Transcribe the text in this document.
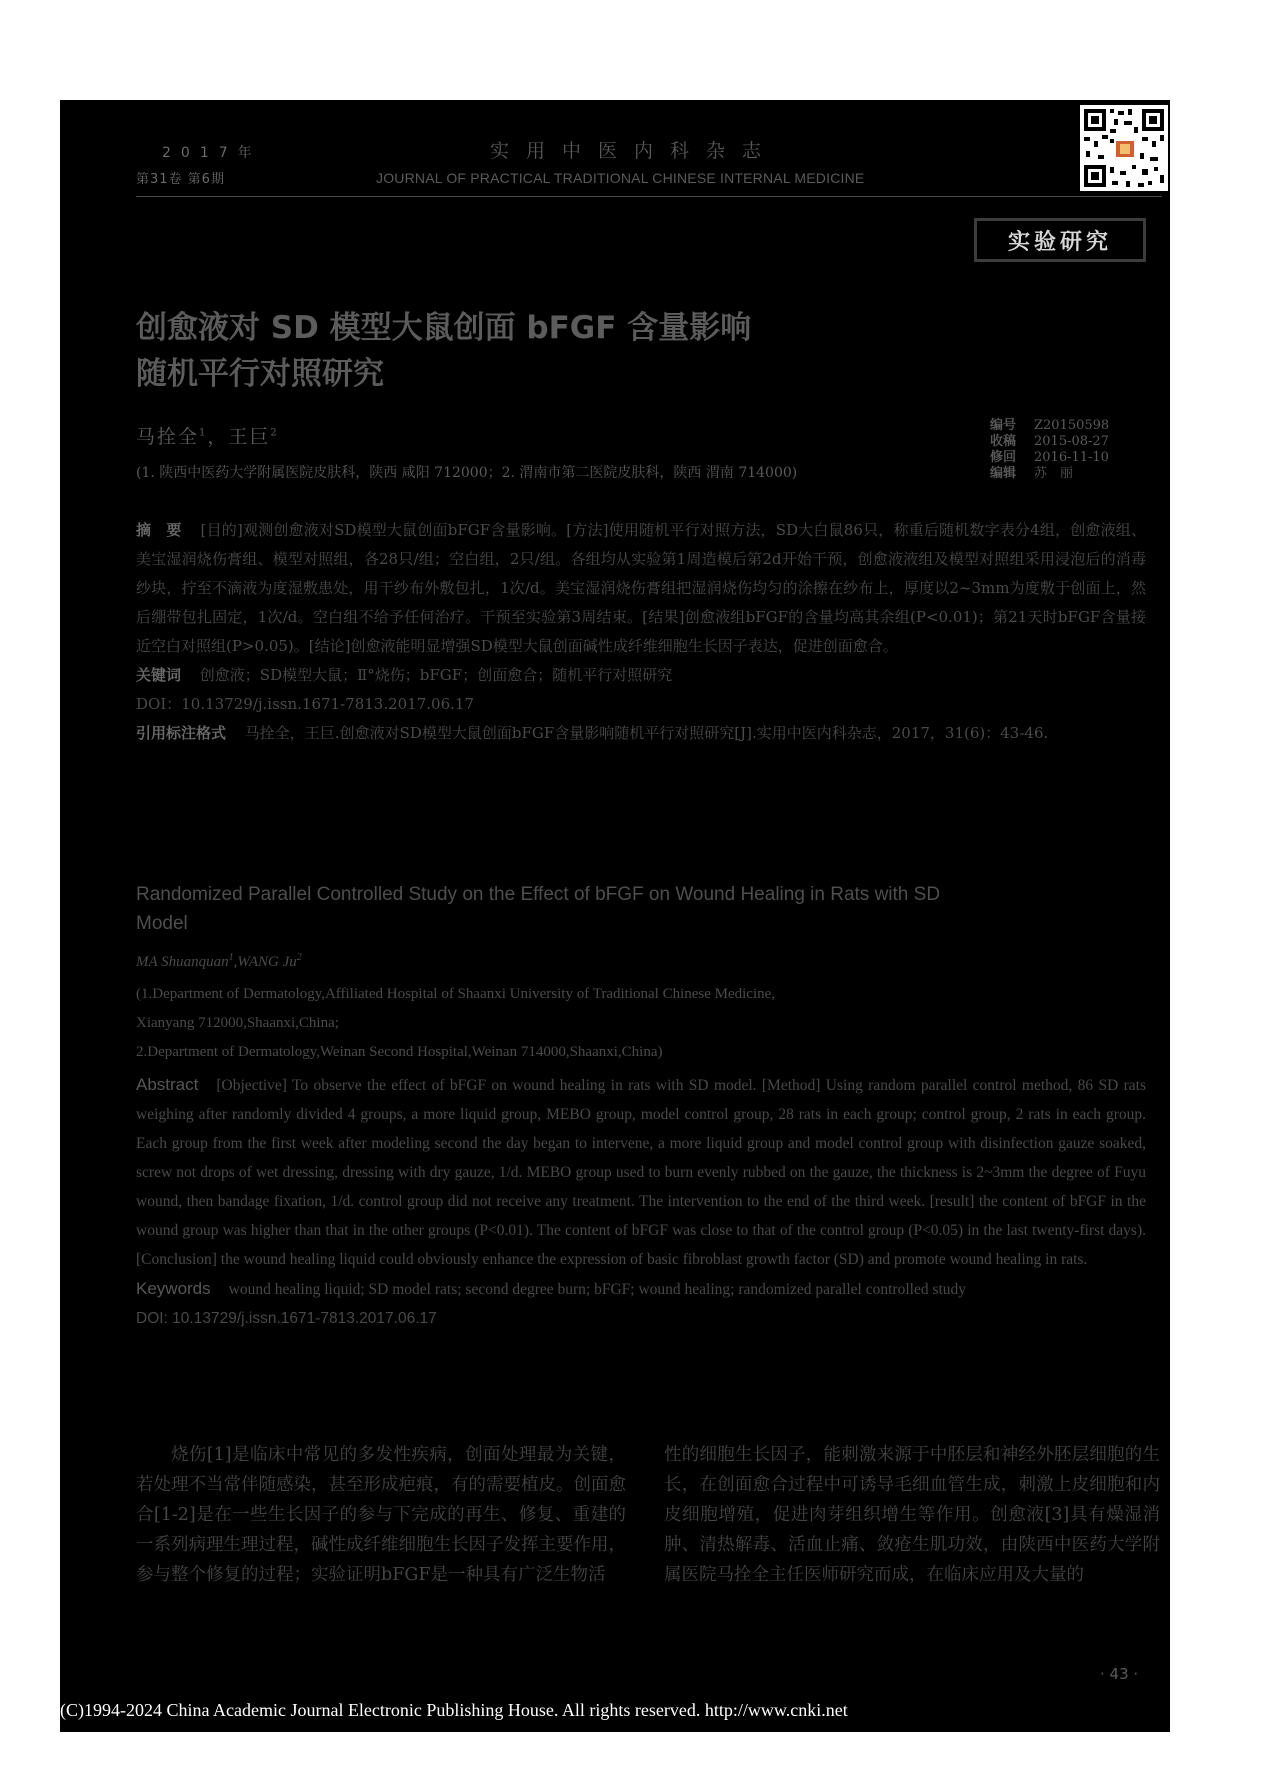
2017年
第31卷 第6期
实用中医内科杂志
JOURNAL OF PRACTICAL TRADITIONAL CHINESE INTERNAL MEDICINE
实验研究
创愈液对 SD 模型大鼠创面 bFGF 含量影响
随机平行对照研究
编号	Z20150598
收稿	2015-08-27
修回	2016-11-10
编辑	苏　丽
马拴全$^1$，王巨$^2$
(1. 陕西中医药大学附属医院皮肤科，陕西 咸阳 712000；2. 渭南市第二医院皮肤科，陕西 渭南 714000)
摘　要 [目的]观测创愈液对SD模型大鼠创面bFGF含量影响。[方法]使用随机平行对照方法，SD大白鼠86只，称重后随机数字表分4组，创愈液组、美宝湿润烧伤膏组、模型对照组，各28只/组；空白组，2只/组。各组均从实验第1周造模后第2d开始干预，创愈液液组及模型对照组采用浸泡后的消毒纱块，拧至不滴液为度湿敷患处，用干纱布外敷包扎，1次/d。美宝湿润烧伤膏组把湿润烧伤均匀的涂擦在纱布上，厚度以2~3mm为度敷于创面上，然后绷带包扎固定，1次/d。空白组不给予任何治疗。干预至实验第3周结束。[结果]创愈液组bFGF的含量均高其余组(P<0.01)；第21天时bFGF含量接近空白对照组(P>0.05)。[结论]创愈液能明显增强SD模型大鼠创面碱性成纤维细胞生长因子表达，促进创面愈合。
关键词 创愈液；SD模型大鼠；Ⅱ°烧伤；bFGF；创面愈合；随机平行对照研究
DOI：10.13729/j.issn.1671-7813.2017.06.17
引用标注格式 马拴全，王巨.创愈液对SD模型大鼠创面bFGF含量影响随机平行对照研究[J].实用中医内科杂志，2017，31(6)：43-46.
Randomized Parallel Controlled Study on the Effect of bFGF on Wound Healing in Rats with SD Model
MA Shuanquan$^1$,WANG Ju$^2$
(1.Department of Dermatology,Affiliated Hospital of Shaanxi University of Traditional Chinese Medicine,
Xianyang 712000,Shaanxi,China;
2.Department of Dermatology,Weinan Second Hospital,Weinan 714000,Shaanxi,China)
Abstract [Objective] To observe the effect of bFGF on wound healing in rats with SD model. [Method] Using random parallel control method, 86 SD rats weighing after randomly divided 4 groups, a more liquid group, MEBO group, model control group, 28 rats in each group; control group, 2 rats in each group. Each group from the first week after modeling second the day began to intervene, a more liquid group and model control group with disinfection gauze soaked, screw not drops of wet dressing, dressing with dry gauze, 1/d. MEBO group used to burn evenly rubbed on the gauze, the thickness is 2~3mm the degree of Fuyu wound, then bandage fixation, 1/d. control group did not receive any treatment. The intervention to the end of the third week. [result] the content of bFGF in the wound group was higher than that in the other groups (P<0.01). The content of bFGF was close to that of the control group (P<0.05) in the last twenty-first days). [Conclusion] the wound healing liquid could obviously enhance the expression of basic fibroblast growth factor (SD) and promote wound healing in rats.
Keywords wound healing liquid; SD model rats; second degree burn; bFGF; wound healing; randomized parallel controlled study
DOI: 10.13729/j.issn.1671-7813.2017.06.17
烧伤[1]是临床中常见的多发性疾病，创面处理最为关键，若处理不当常伴随感染，甚至形成疤痕，有的需要植皮。创面愈合[1-2]是在一些生长因子的参与下完成的再生、修复、重建的一系列病理生理过程，碱性成纤维细胞生长因子发挥主要作用，参与整个修复的过程；实验证明bFGF是一种具有广泛生物活
性的细胞生长因子，能刺激来源于中胚层和神经外胚层细胞的生长，在创面愈合过程中可诱导毛细血管生成，刺激上皮细胞和内皮细胞增殖，促进肉芽组织增生等作用。创愈液[3]具有燥湿消肿、清热解毒、活血止痛、敛疮生肌功效，由陕西中医药大学附属医院马拴全主任医师研究而成，在临床应用及大量的
· 43 ·
(C)1994-2024 China Academic Journal Electronic Publishing House. All rights reserved. http://www.cnki.net
